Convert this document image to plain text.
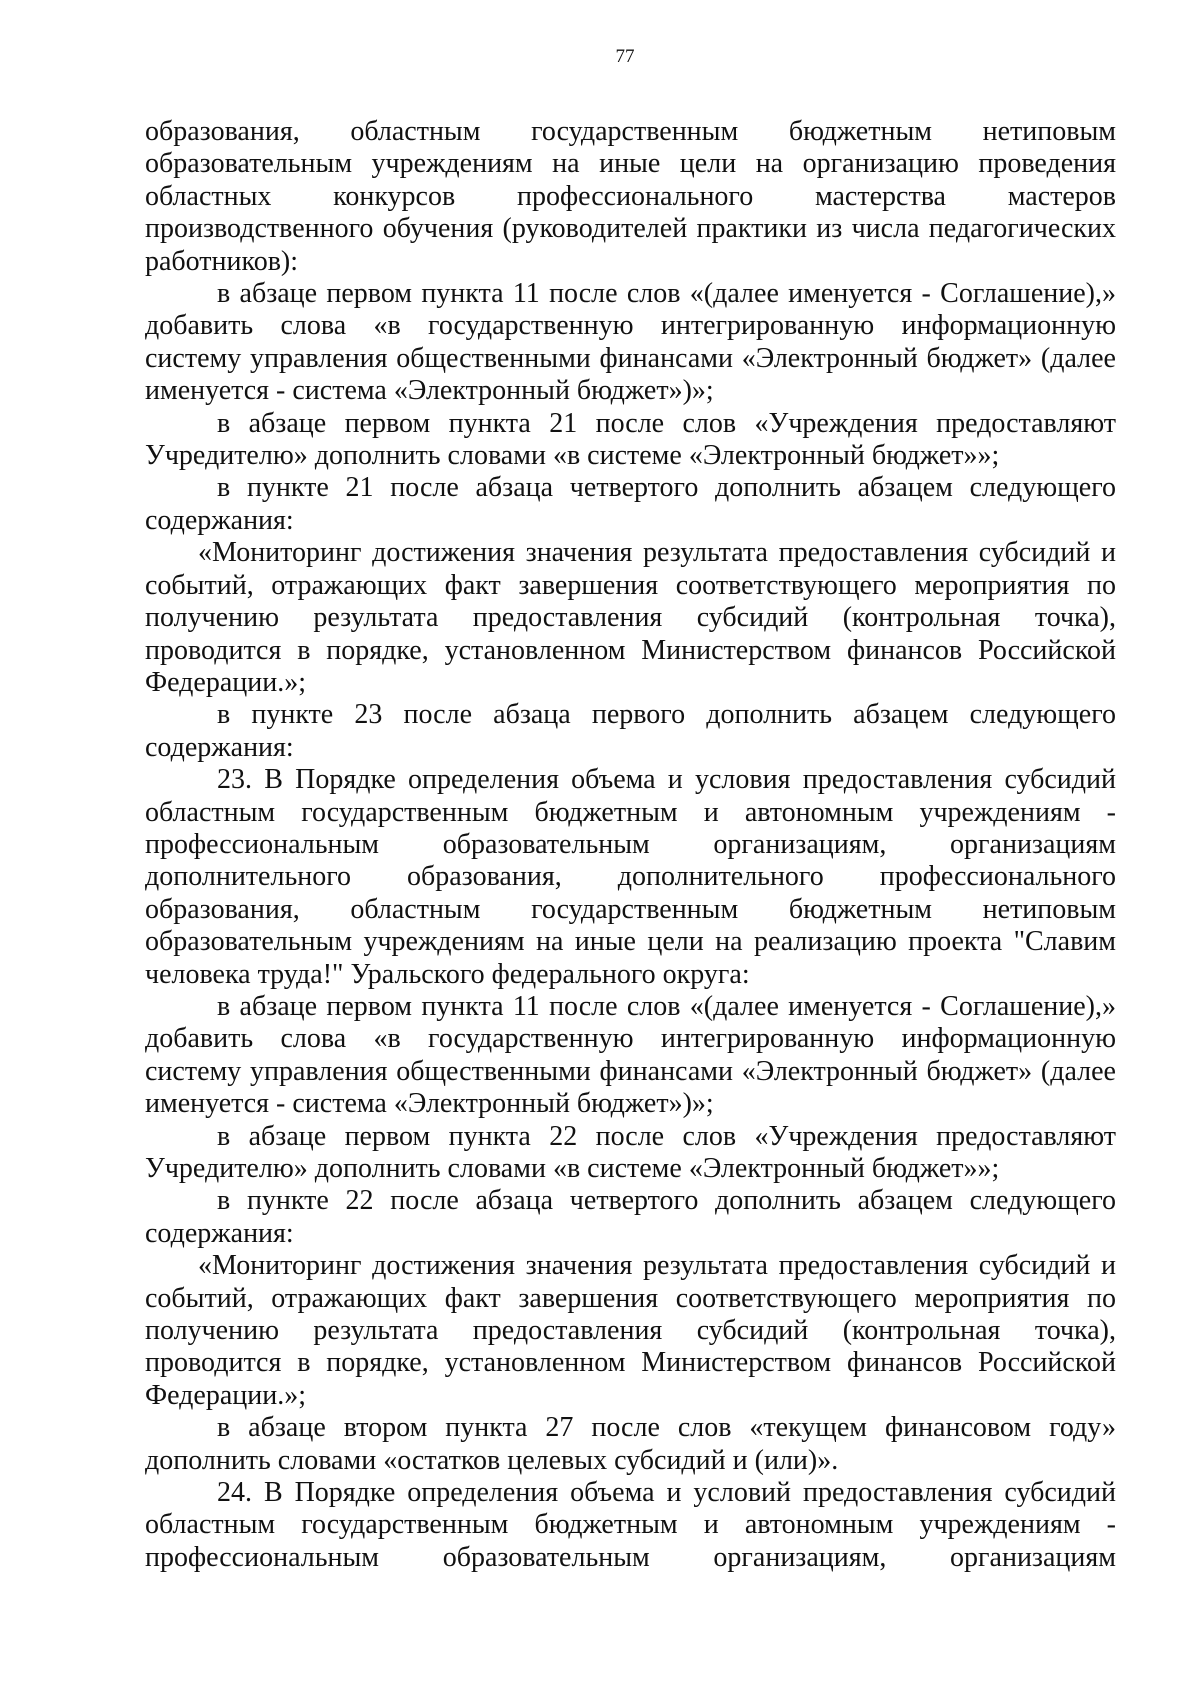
77

образования, областным государственным бюджетным нетиповым образовательным учреждениям на иные цели на организацию проведения областных конкурсов профессионального мастерства мастеров производственного обучения (руководителей практики из числа педагогических работников):

в абзаце первом пункта 11 после слов «(далее именуется - Соглашение),» добавить слова «в государственную интегрированную информационную систему управления общественными финансами «Электронный бюджет» (далее именуется - система «Электронный бюджет»)»;

в абзаце первом пункта 21 после слов «Учреждения предоставляют Учредителю» дополнить словами «в системе «Электронный бюджет»»;

в пункте 21 после абзаца четвертого дополнить абзацем следующего содержания:

«Мониторинг достижения значения результата предоставления субсидий и событий, отражающих факт завершения соответствующего мероприятия по получению результата предоставления субсидий (контрольная точка), проводится в порядке, установленном Министерством финансов Российской Федерации.»;

в пункте 23 после абзаца первого дополнить абзацем следующего содержания:

23. В Порядке определения объема и условия предоставления субсидий областным государственным бюджетным и автономным учреждениям - профессиональным образовательным организациям, организациям дополнительного образования, дополнительного профессионального образования, областным государственным бюджетным нетиповым образовательным учреждениям на иные цели на реализацию проекта "Славим человека труда!" Уральского федерального округа:

в абзаце первом пункта 11 после слов «(далее именуется - Соглашение),» добавить слова «в государственную интегрированную информационную систему управления общественными финансами «Электронный бюджет» (далее именуется - система «Электронный бюджет»)»;

в абзаце первом пункта 22 после слов «Учреждения предоставляют Учредителю» дополнить словами «в системе «Электронный бюджет»»;

в пункте 22 после абзаца четвертого дополнить абзацем следующего содержания:

«Мониторинг достижения значения результата предоставления субсидий и событий, отражающих факт завершения соответствующего мероприятия по получению результата предоставления субсидий (контрольная точка), проводится в порядке, установленном Министерством финансов Российской Федерации.»;

в абзаце втором пункта 27 после слов «текущем финансовом году» дополнить словами «остатков целевых субсидий и (или)».

24. В Порядке определения объема и условий предоставления субсидий областным государственным бюджетным и автономным учреждениям - профессиональным образовательным организациям, организациям
